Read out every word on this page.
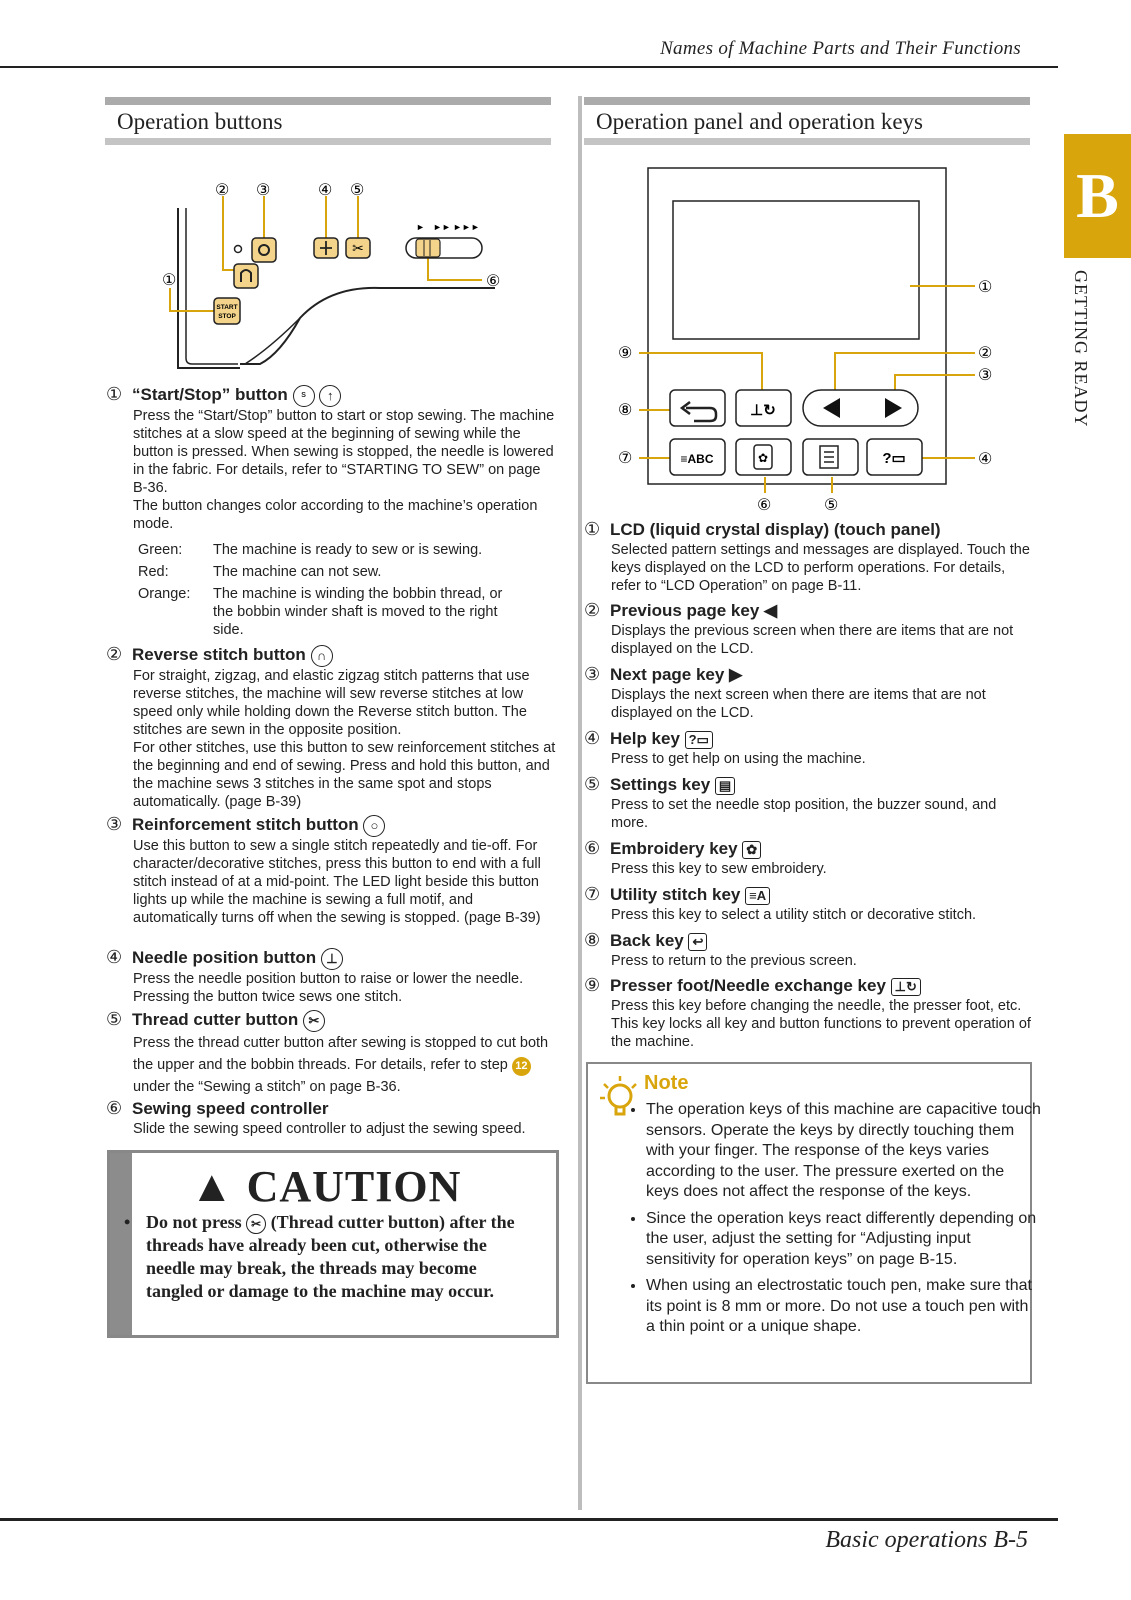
Names of Machine Parts and Their Functions
B
GETTING READY
Operation buttons
①
② ③	④ ⑤
⑥
START
STOP
✂
► ►► ►►►
① “Start/Stop” button S ↑
Press the “Start/Stop” button to start or stop sewing. The machine stitches at a slow speed at the beginning of sewing while the button is pressed. When sewing is stopped, the needle is lowered in the fabric. For details, refer to “STARTING TO SEW” on page B-36.
The button changes color according to the machine’s operation mode.
Green:	The machine is ready to sew or is sewing.
Red:	The machine can not sew.
Orange:	The machine is winding the bobbin thread, or the bobbin winder shaft is moved to the right side.
② Reverse stitch button ∩
For straight, zigzag, and elastic zigzag stitch patterns that use reverse stitches, the machine will sew reverse stitches at low speed only while holding down the Reverse stitch button. The stitches are sewn in the opposite position.
For other stitches, use this button to sew reinforcement stitches at the beginning and end of sewing. Press and hold this button, and the machine sews 3 stitches in the same spot and stops automatically. (page B-39)
③ Reinforcement stitch button ○
Use this button to sew a single stitch repeatedly and tie-off. For character/decorative stitches, press this button to end with a full stitch instead of at a mid-point. The LED light beside this button lights up while the machine is sewing a full motif, and automatically turns off when the sewing is stopped. (page B-39)
④ Needle position button ⊥
Press the needle position button to raise or lower the needle. Pressing the button twice sews one stitch.
⑤ Thread cutter button ✂
Press the thread cutter button after sewing is stopped to cut both the upper and the bobbin threads. For details, refer to step 12 under the “Sewing a stitch” on page B-36.
⑥ Sewing speed controller
Slide the sewing speed controller to adjust the sewing speed.
▲ CAUTION
• Do not press ✂ (Thread cutter button) after the threads have already been cut, otherwise the needle may break, the threads may become tangled or damage to the machine may occur.
Operation panel and operation keys
⊥↻
≡ABC	✿	?▭
①
②
③
④
⑤
⑥
⑦
⑧
⑨
① LCD (liquid crystal display) (touch panel)
Selected pattern settings and messages are displayed. Touch the keys displayed on the LCD to perform operations. For details, refer to “LCD Operation” on page B-11.
② Previous page key ◀
Displays the previous screen when there are items that are not displayed on the LCD.
③ Next page key ▶
Displays the next screen when there are items that are not displayed on the LCD.
④ Help key ?▭
Press to get help on using the machine.
⑤ Settings key ▤
Press to set the needle stop position, the buzzer sound, and more.
⑥ Embroidery key ✿
Press this key to sew embroidery.
⑦ Utility stitch key ≡A
Press this key to select a utility stitch or decorative stitch.
⑧ Back key ↩
Press to return to the previous screen.
⑨ Presser foot/Needle exchange key ⊥↻
Press this key before changing the needle, the presser foot, etc. This key locks all key and button functions to prevent operation of the machine.
Note
• The operation keys of this machine are capacitive touch sensors. Operate the keys by directly touching them with your finger. The response of the keys varies according to the user. The pressure exerted on the keys does not affect the response of the keys.
• Since the operation keys react differently depending on the user, adjust the setting for “Adjusting input sensitivity for operation keys” on page B-15.
• When using an electrostatic touch pen, make sure that its point is 8 mm or more. Do not use a touch pen with a thin point or a unique shape.
Basic operations B-5
